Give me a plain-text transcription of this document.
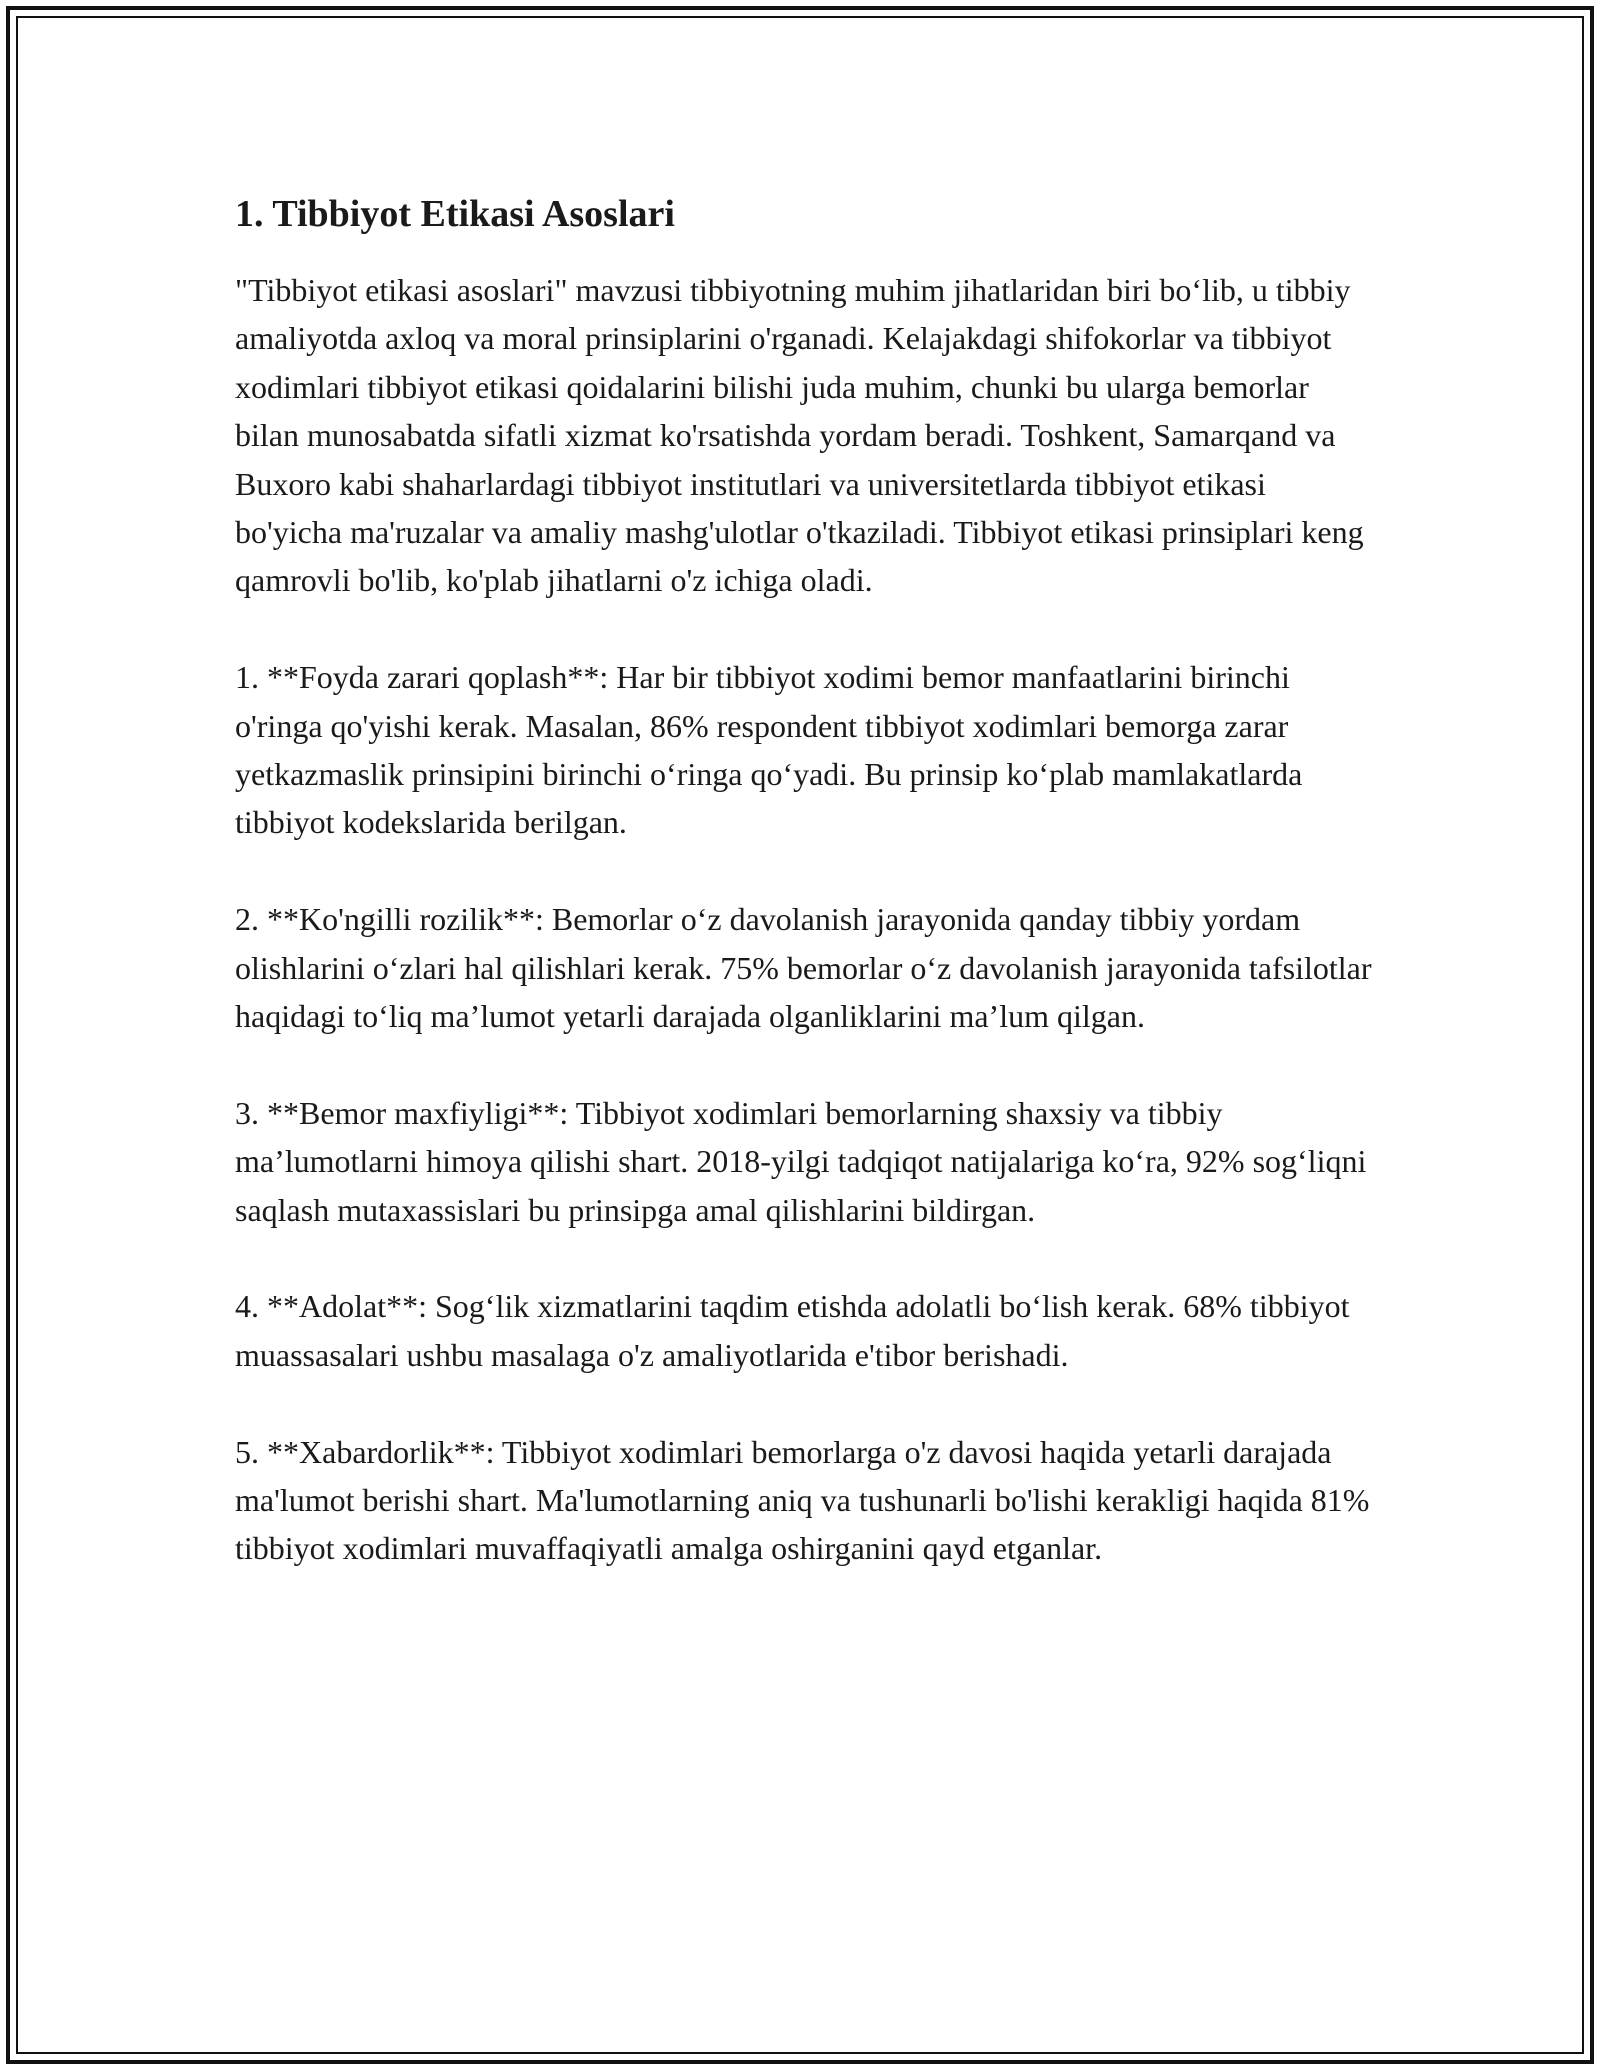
1. Tibbiyot Etikasi Asoslari

"Tibbiyot etikasi asoslari" mavzusi tibbiyotning muhim jihatlaridan biri bo‘lib, u tibbiy amaliyotda axloq va moral prinsiplarini o'rganadi. Kelajakdagi shifokorlar va tibbiyot xodimlari tibbiyot etikasi qoidalarini bilishi juda muhim, chunki bu ularga bemorlar bilan munosabatda sifatli xizmat ko'rsatishda yordam beradi. Toshkent, Samarqand va Buxoro kabi shaharlardagi tibbiyot institutlari va universitetlarda tibbiyot etikasi bo'yicha ma'ruzalar va amaliy mashg'ulotlar o'tkaziladi. Tibbiyot etikasi prinsiplari keng qamrovli bo'lib, ko'plab jihatlarni o'z ichiga oladi.

1. **Foyda zarari qoplash**: Har bir tibbiyot xodimi bemor manfaatlarini birinchi o'ringa qo'yishi kerak. Masalan, 86% respondent tibbiyot xodimlari bemorga zarar yetkazmaslik prinsipini birinchi o‘ringa qo‘yadi. Bu prinsip ko‘plab mamlakatlarda tibbiyot kodekslarida berilgan.

2. **Ko'ngilli rozilik**: Bemorlar o‘z davolanish jarayonida qanday tibbiy yordam olishlarini o‘zlari hal qilishlari kerak. 75% bemorlar o‘z davolanish jarayonida tafsilotlar haqidagi to‘liq ma’lumot yetarli darajada olganliklarini ma’lum qilgan.

3. **Bemor maxfiyligi**: Tibbiyot xodimlari bemorlarning shaxsiy va tibbiy ma’lumotlarni himoya qilishi shart. 2018-yilgi tadqiqot natijalariga ko‘ra, 92% sog‘liqni saqlash mutaxassislari bu prinsipga amal qilishlarini bildirgan.

4. **Adolat**: Sog‘lik xizmatlarini taqdim etishda adolatli bo‘lish kerak. 68% tibbiyot muassasalari ushbu masalaga o'z amaliyotlarida e'tibor berishadi.

5. **Xabardorlik**: Tibbiyot xodimlari bemorlarga o'z davosi haqida yetarli darajada ma'lumot berishi shart. Ma'lumotlarning aniq va tushunarli bo'lishi kerakligi haqida 81% tibbiyot xodimlari muvaffaqiyatli amalga oshirganini qayd etganlar.
